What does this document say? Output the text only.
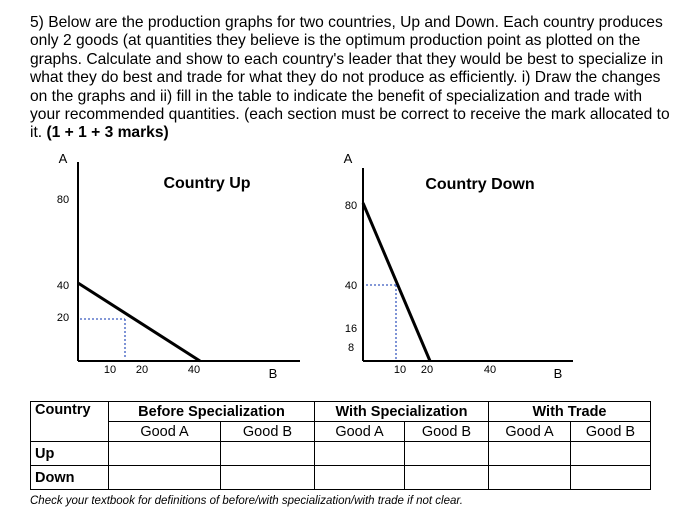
5) Below are the production graphs for two countries, Up and Down. Each country produces only 2 goods (at quantities they believe is the optimum production point as plotted on the graphs. Calculate and show to each country's leader that they would be best to specialize in what they do best and trade for what they do not produce as efficiently. i) Draw the changes on the graphs and ii) fill in the table to indicate the benefit of specialization and trade with your recommended quantities. (each section must be correct to receive the mark allocated to it. (1 + 1 + 3 marks)
A
B
Country Up
80
40
20
10 20	40
A
B
Country Down
80
40
16
8
10 20	40
Country	Before Specialization		With Specialization		With Trade	
	Good A	Good B	Good A	Good B	Good A	Good B
Up						
Down						
Check your textbook for definitions of before/with specialization/with trade if not clear.
